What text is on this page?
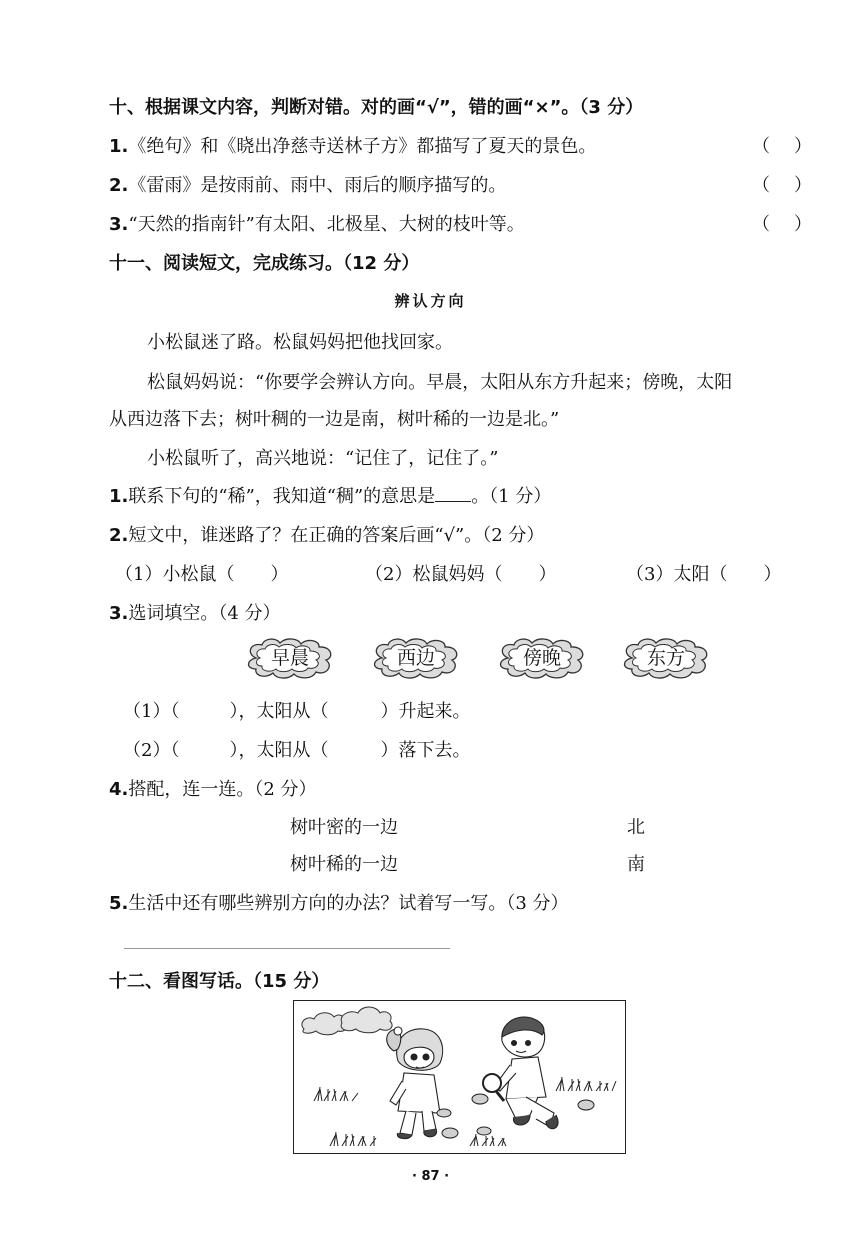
十、根据课文内容，判断对错。对的画“√”，错的画“×”。（3 分）
1.《绝句》和《晓出净慈寺送林子方》都描写了夏天的景色。	（ ）
2.《雷雨》是按雨前、雨中、雨后的顺序描写的。	（ ）
3.“天然的指南针”有太阳、北极星、大树的枝叶等。	（ ）
十一、阅读短文，完成练习。（12 分）
辨认方向
小松鼠迷了路。松鼠妈妈把他找回家。
松鼠妈妈说：“你要学会辨认方向。早晨，太阳从东方升起来；傍晚，太阳
从西边落下去；树叶稠的一边是南，树叶稀的一边是北。”
小松鼠听了，高兴地说：“记住了，记住了。”
1.联系下句的“稀”，我知道“稠”的意思是 。（1 分）
2.短文中，谁迷路了？在正确的答案后画“√”。（2 分）
（1）小松鼠（　　）	（2）松鼠妈妈（　　）	（3）太阳（　　）
3.选词填空。（4 分）
早晨	西边	傍晚	东方
（1）（	），太阳从（	）升起来。
（2）（	），太阳从（	）落下去。
4.搭配，连一连。（2 分）
树叶密的一边	北
树叶稀的一边	南
5.生活中还有哪些辨别方向的办法？试着写一写。（3 分）
十二、看图写话。（15 分）
· 87 ·
